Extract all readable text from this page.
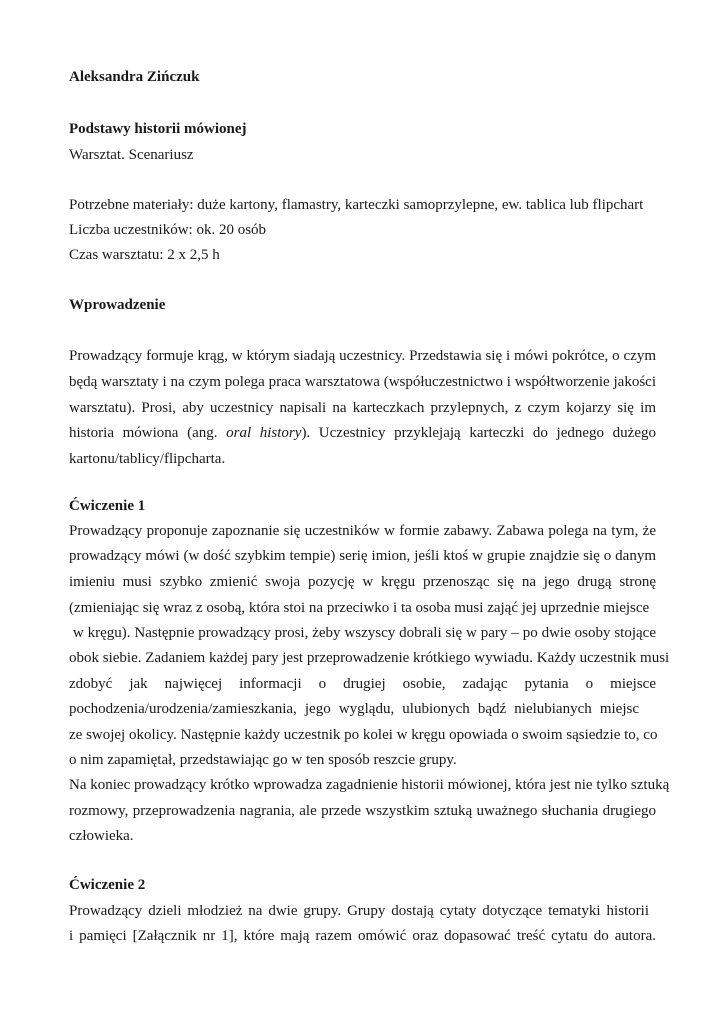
Aleksandra Zińczuk
Podstawy historii mówionej
Warsztat. Scenariusz
Potrzebne materiały: duże kartony, flamastry, karteczki samoprzylepne, ew. tablica lub flipchart
Liczba uczestników: ok. 20 osób
Czas warsztatu: 2 x 2,5 h
Wprowadzenie
Prowadzący formuje krąg, w którym siadają uczestnicy. Przedstawia się i mówi pokrótce, o czym
będą warsztaty i na czym polega praca warsztatowa (współuczestnictwo i współtworzenie jakości
warsztatu). Prosi, aby uczestnicy napisali na karteczkach przylepnych, z czym kojarzy się im
historia mówiona (ang. oral history). Uczestnicy przyklejają karteczki do jednego dużego
kartonu/tablicy/flipcharta.
Ćwiczenie 1
Prowadzący proponuje zapoznanie się uczestników w formie zabawy. Zabawa polega na tym, że
prowadzący mówi (w dość szybkim tempie) serię imion, jeśli ktoś w grupie znajdzie się o danym
imieniu musi szybko zmienić swoja pozycję w kręgu przenosząc się na jego drugą stronę
(zmieniając się wraz z osobą, która stoi na przeciwko i ta osoba musi zająć jej uprzednie miejsce
w kręgu). Następnie prowadzący prosi, żeby wszyscy dobrali się w pary – po dwie osoby stojące
obok siebie. Zadaniem każdej pary jest przeprowadzenie krótkiego wywiadu. Każdy uczestnik musi
zdobyć jak najwięcej informacji o drugiej osobie, zadając pytania o miejsce
pochodzenia/urodzenia/zamieszkania, jego wyglądu, ulubionych bądź nielubianych miejsc
ze swojej okolicy. Następnie każdy uczestnik po kolei w kręgu opowiada o swoim sąsiedzie to, co
o nim zapamiętał, przedstawiając go w ten sposób reszcie grupy.
Na koniec prowadzący krótko wprowadza zagadnienie historii mówionej, która jest nie tylko sztuką
rozmowy, przeprowadzenia nagrania, ale przede wszystkim sztuką uważnego słuchania drugiego
człowieka.
Ćwiczenie 2
Prowadzący dzieli młodzież na dwie grupy. Grupy dostają cytaty dotyczące tematyki historii
i pamięci [Załącznik nr 1], które mają razem omówić oraz dopasować treść cytatu do autora.
